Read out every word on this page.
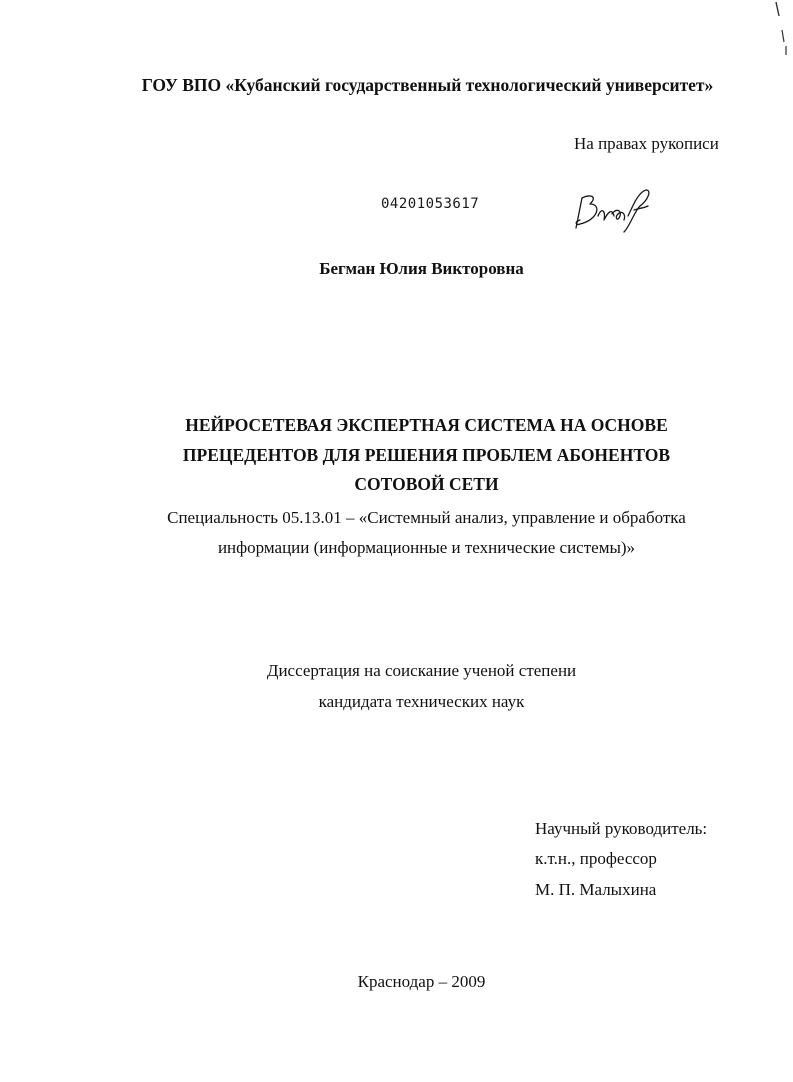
ГОУ ВПО «Кубанский государственный технологический университет»
На правах рукописи
04201053617
Бегман Юлия Викторовна
НЕЙРОСЕТЕВАЯ ЭКСПЕРТНАЯ СИСТЕМА НА ОСНОВЕ
ПРЕЦЕДЕНТОВ ДЛЯ РЕШЕНИЯ ПРОБЛЕМ АБОНЕНТОВ
СОТОВОЙ СЕТИ
Специальность 05.13.01 – «Системный анализ, управление и обработка
информации (информационные и технические системы)»
Диссертация на соискание ученой степени
кандидата технических наук
Научный руководитель:
к.т.н., профессор
М. П. Малыхина
Краснодар – 2009
